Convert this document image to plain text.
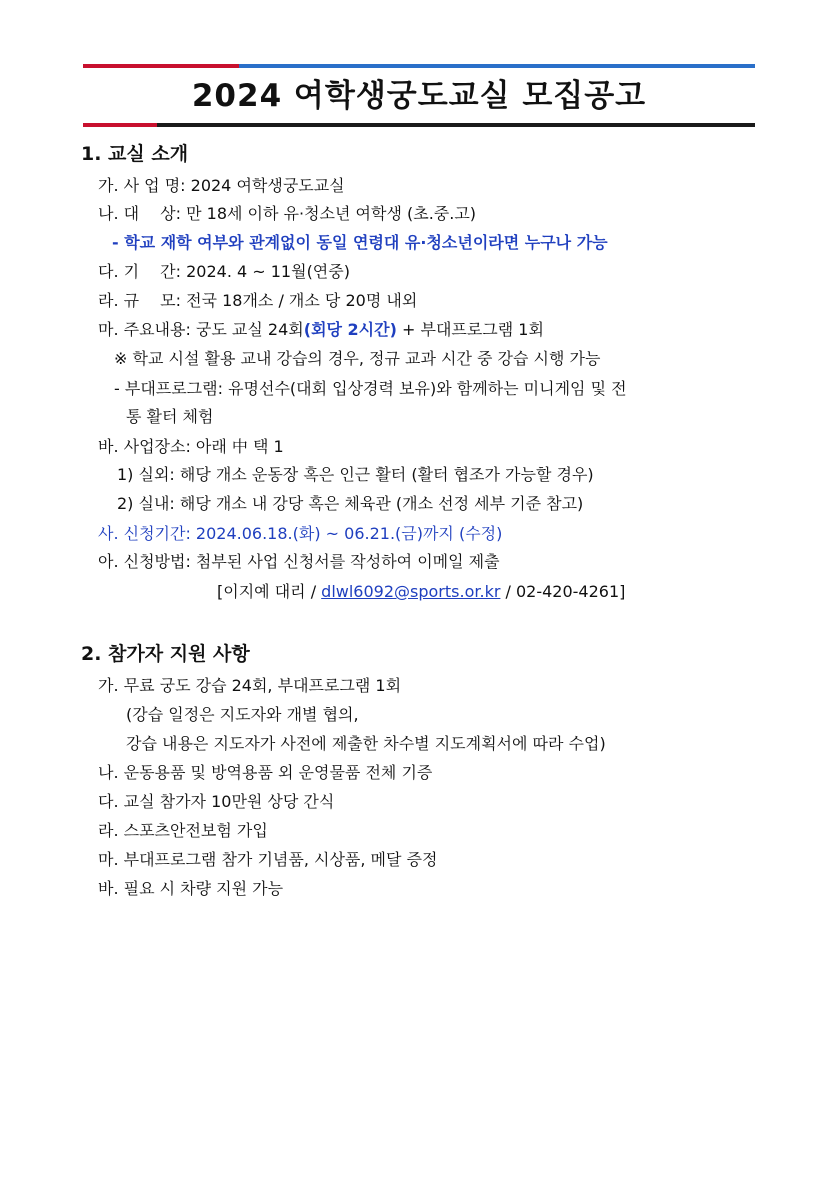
2024 여학생궁도교실 모집공고
1. 교실 소개
가. 사 업 명: 2024 여학생궁도교실
나. 대　 상: 만 18세 이하 유·청소년 여학생 (초.중.고)
- 학교 재학 여부와 관계없이 동일 연령대 유·청소년이라면 누구나 가능
다. 기　 간: 2024. 4 ~ 11월(연중)
라. 규　 모: 전국 18개소 / 개소 당 20명 내외
마. 주요내용: 궁도 교실 24회(회당 2시간) + 부대프로그램 1회
※ 학교 시설 활용 교내 강습의 경우, 정규 교과 시간 중 강습 시행 가능
- 부대프로그램: 유명선수(대회 입상경력 보유)와 함께하는 미니게임 및 전
통 활터 체험
바. 사업장소: 아래 中 택 1
1) 실외: 해당 개소 운동장 혹은 인근 활터 (활터 협조가 가능할 경우)
2) 실내: 해당 개소 내 강당 혹은 체육관 (개소 선정 세부 기준 참고)
사. 신청기간: 2024.06.18.(화) ~ 06.21.(금)까지 (수정)
아. 신청방법: 첨부된 사업 신청서를 작성하여 이메일 제출
[이지예 대리 / dlwl6092@sports.or.kr / 02-420-4261]
2. 참가자 지원 사항
가. 무료 궁도 강습 24회, 부대프로그램 1회
(강습 일정은 지도자와 개별 협의,
강습 내용은 지도자가 사전에 제출한 차수별 지도계획서에 따라 수업)
나. 운동용품 및 방역용품 외 운영물품 전체 기증
다. 교실 참가자 10만원 상당 간식
라. 스포츠안전보험 가입
마. 부대프로그램 참가 기념품, 시상품, 메달 증정
바. 필요 시 차량 지원 가능
